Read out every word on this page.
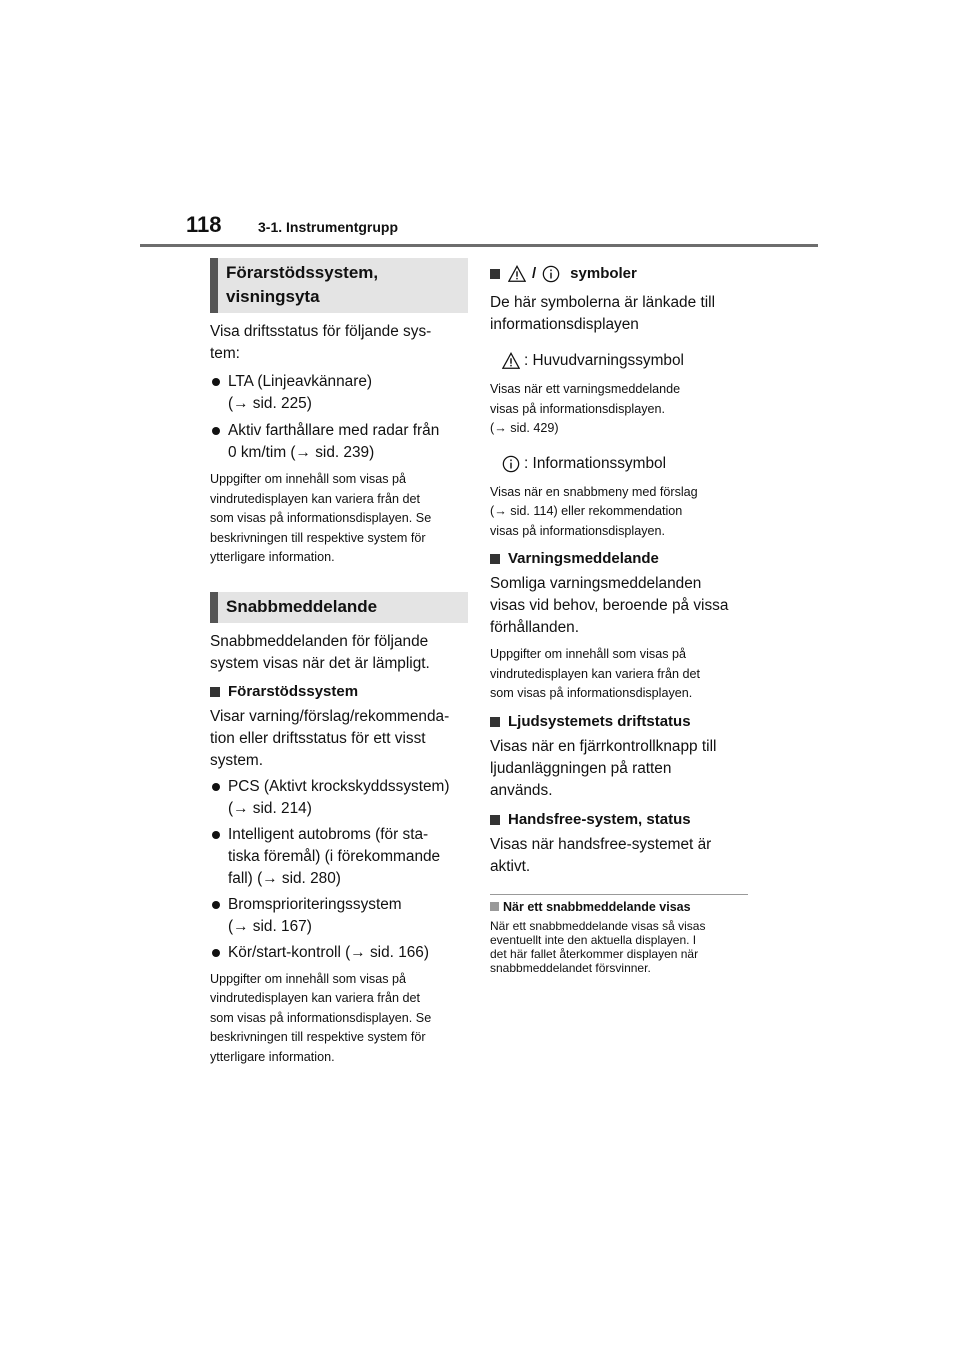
118	3-1. Instrumentgrupp
Förarstödssystem,
visningsyta

Visa driftsstatus för följande sys-

tem:

LTA (Linjeavkännare)
(→ sid. 225)
Aktiv farthållare med radar från
0 km/tim (→ sid. 239)

Uppgifter om innehåll som visas på

vindrutedisplayen kan variera från det

som visas på informationsdisplayen. Se

beskrivningen till respektive system för

ytterligare information.

Snabbmeddelande

Snabbmeddelanden för följande

system visas när det är lämpligt.

Förarstödssystem

Visar varning/förslag/rekommenda-

tion eller driftsstatus för ett visst

system.

PCS (Aktivt krockskyddssystem)
(→ sid. 214)
Intelligent autobroms (för sta-
tiska föremål) (i förekommande
fall) (→ sid. 280)
Bromsprioriteringssystem
(→ sid. 167)
Kör/start-kontroll (→ sid. 166)

Uppgifter om innehåll som visas på

vindrutedisplayen kan variera från det

som visas på informationsdisplayen. Se

beskrivningen till respektive system för

ytterligare information.

/ symboler

De här symbolerna är länkade till

informationsdisplayen

: Huvudvarningssymbol

Visas när ett varningsmeddelande

visas på informationsdisplayen.

(→ sid. 429)

: Informationssymbol

Visas när en snabbmeny med förslag

(→ sid. 114) eller rekommendation

visas på informationsdisplayen.

Varningsmeddelande

Somliga varningsmeddelanden

visas vid behov, beroende på vissa

förhållanden.

Uppgifter om innehåll som visas på

vindrutedisplayen kan variera från det

som visas på informationsdisplayen.

Ljudsystemets driftstatus

Visas när en fjärrkontrollknapp till

ljudanläggningen på ratten

används.

Handsfree-system, status

Visas när handsfree-systemet är

aktivt.

När ett snabbmeddelande visas

När ett snabbmeddelande visas så visas

eventuellt inte den aktuella displayen. I

det här fallet återkommer displayen när

snabbmeddelandet försvinner.
